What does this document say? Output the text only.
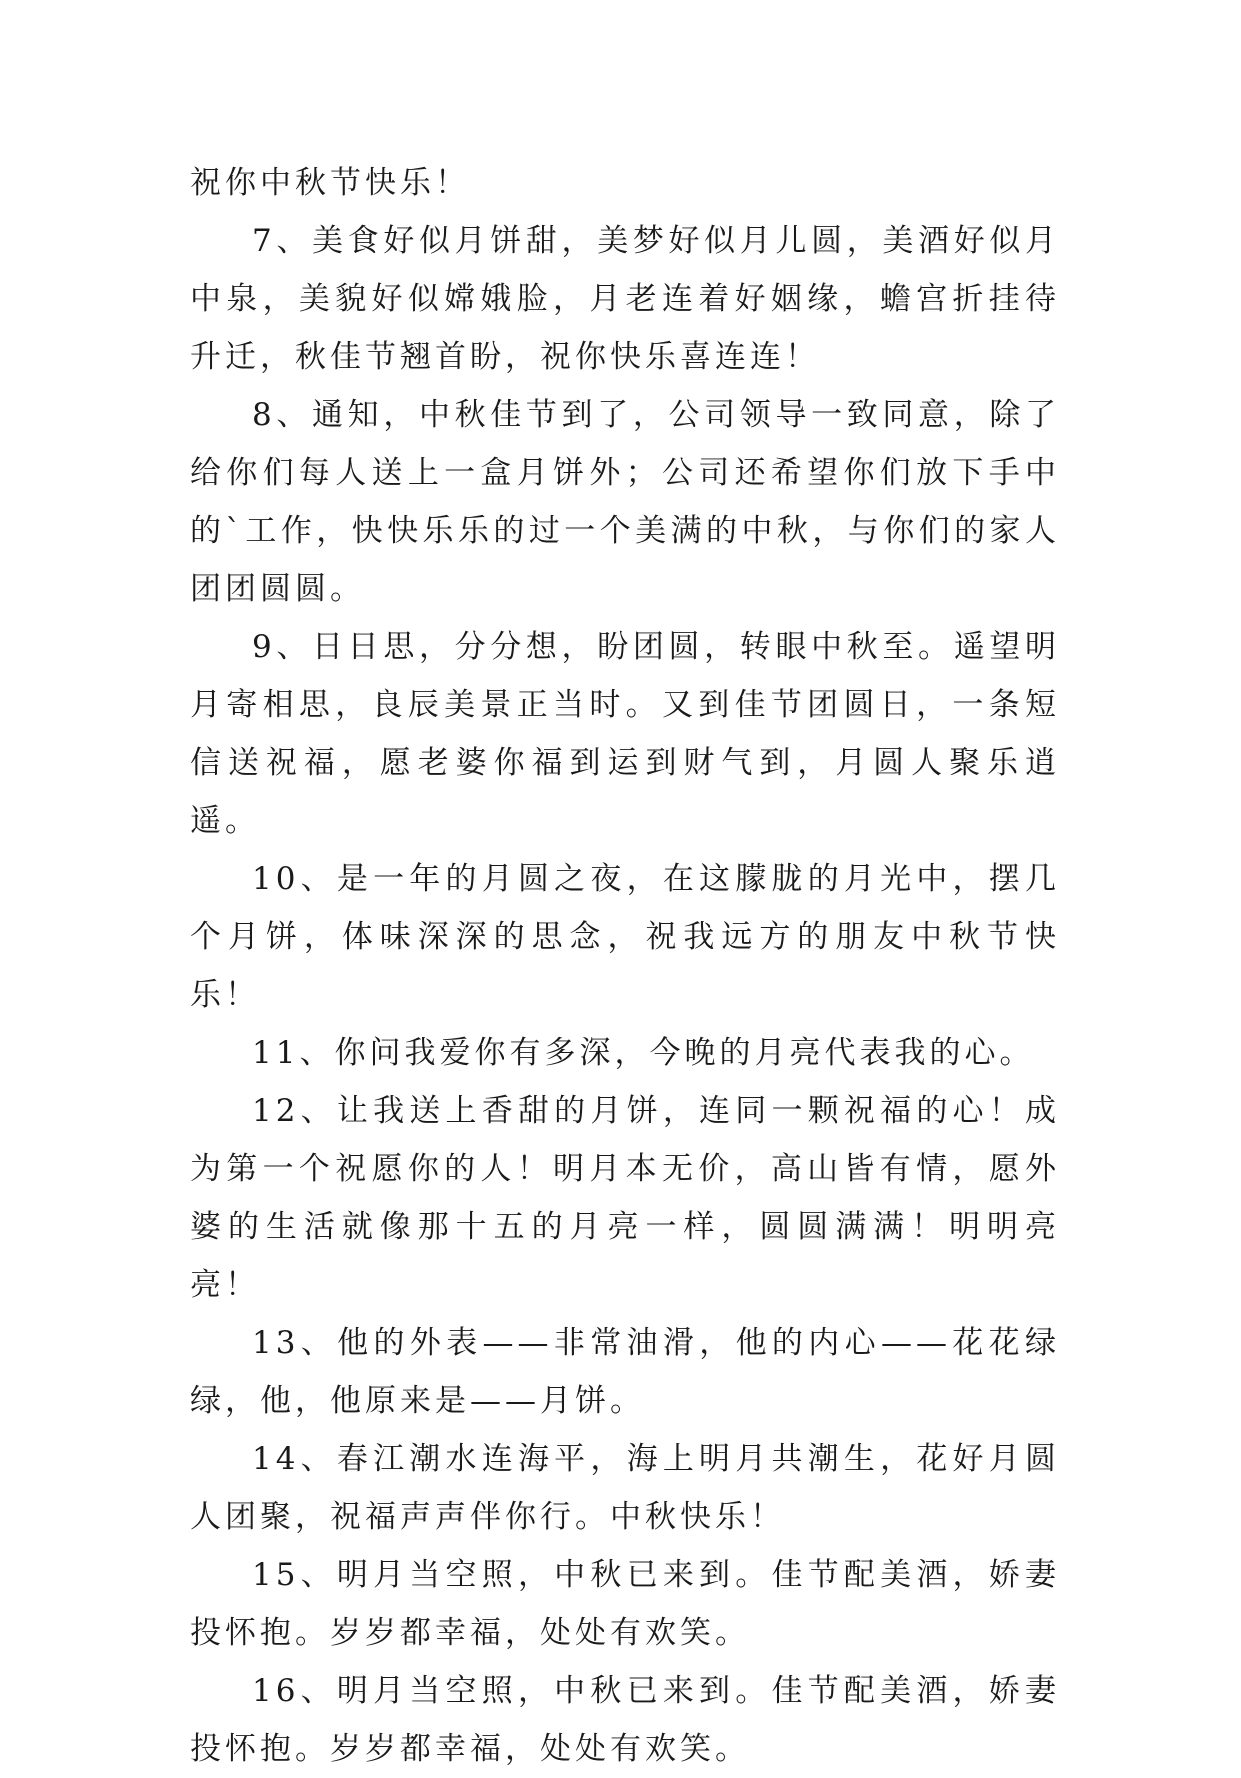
祝你中秋节快乐！

7、美食好似月饼甜，美梦好似月儿圆，美酒好似月中泉，美貌好似嫦娥脸，月老连着好姻缘，蟾宫折挂待升迁，秋佳节翘首盼，祝你快乐喜连连！

8、通知，中秋佳节到了，公司领导一致同意，除了给你们每人送上一盒月饼外；公司还希望你们放下手中的`工作，快快乐乐的过一个美满的中秋，与你们的家人团团圆圆。

9、日日思，分分想，盼团圆，转眼中秋至。遥望明月寄相思，良辰美景正当时。又到佳节团圆日，一条短信送祝福，愿老婆你福到运到财气到，月圆人聚乐逍遥。

10、是一年的月圆之夜，在这朦胧的月光中，摆几个月饼，体味深深的思念，祝我远方的朋友中秋节快乐！

11、你问我爱你有多深，今晚的月亮代表我的心。

12、让我送上香甜的月饼，连同一颗祝福的心！成为第一个祝愿你的人！明月本无价，高山皆有情，愿外婆的生活就像那十五的月亮一样，圆圆满满！明明亮亮！

13、他的外表——非常油滑，他的内心——花花绿绿，他，他原来是——月饼。

14、春江潮水连海平，海上明月共潮生，花好月圆人团聚，祝福声声伴你行。中秋快乐！

15、明月当空照，中秋已来到。佳节配美酒，娇妻投怀抱。岁岁都幸福，处处有欢笑。

16、明月当空照，中秋已来到。佳节配美酒，娇妻投怀抱。岁岁都幸福，处处有欢笑。
